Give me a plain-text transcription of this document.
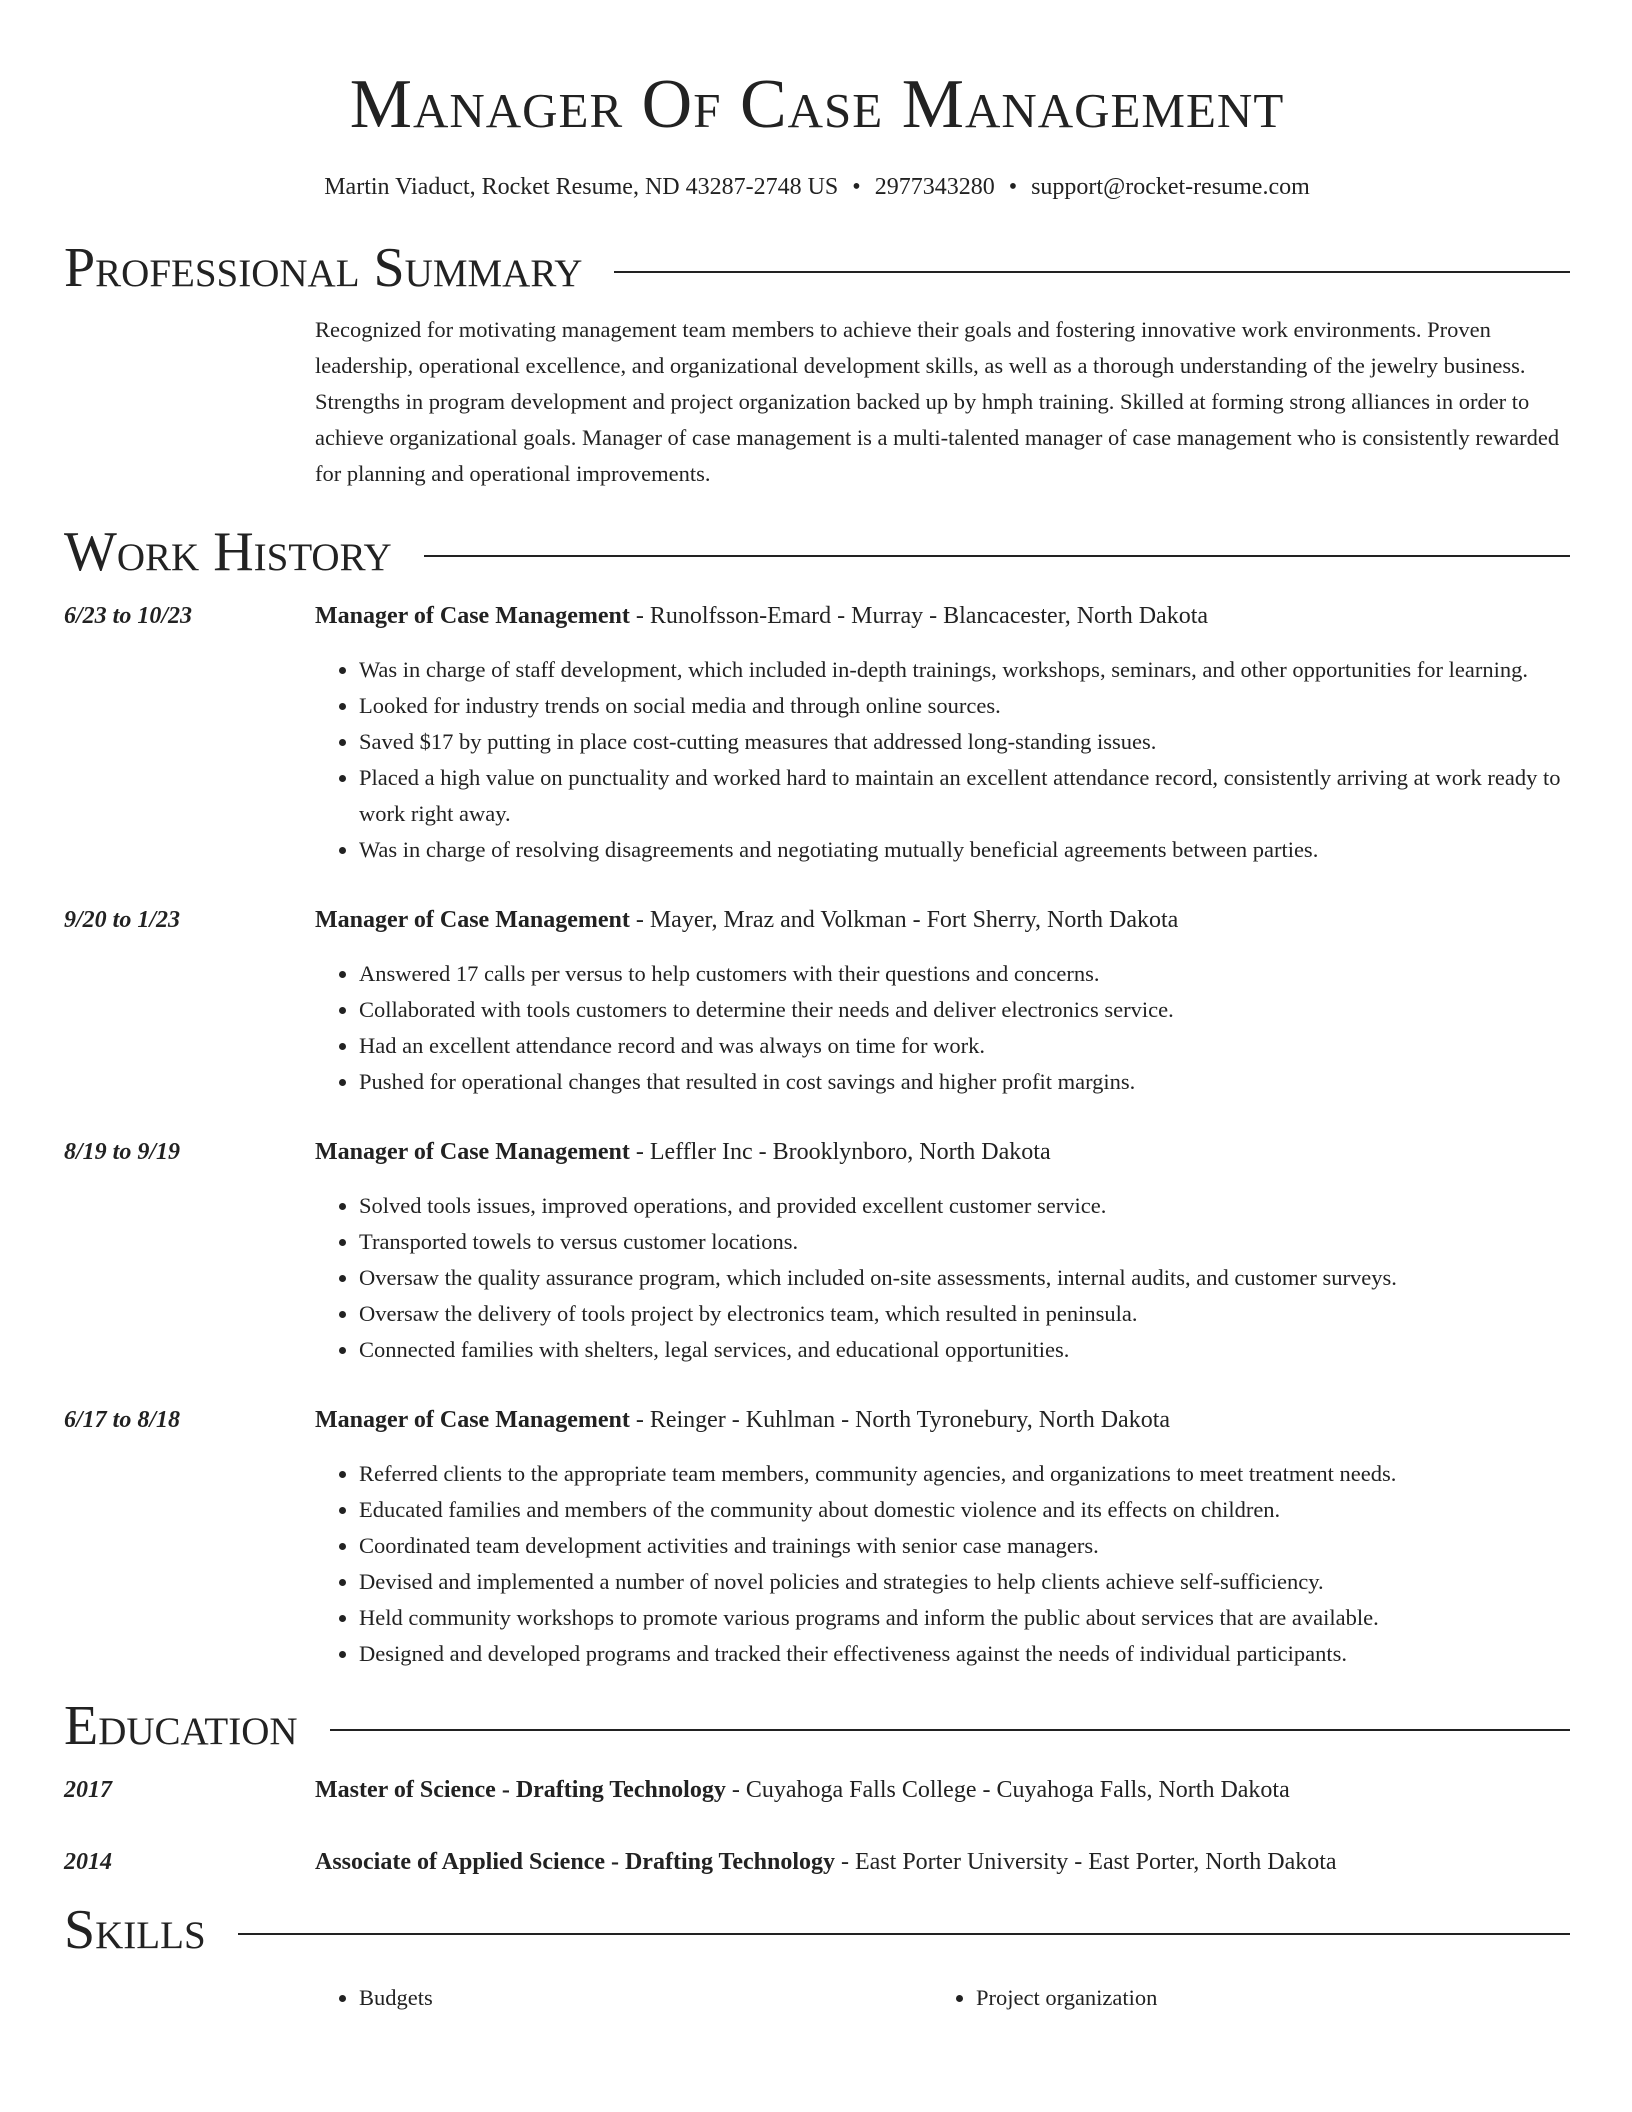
Manager Of Case Management
Martin Viaduct, Rocket Resume, ND 43287-2748 US • 2977343280 • support@rocket-resume.com
Professional Summary
Recognized for motivating management team members to achieve their goals and fostering innovative work environments. Proven leadership, operational excellence, and organizational development skills, as well as a thorough understanding of the jewelry business. Strengths in program development and project organization backed up by hmph training. Skilled at forming strong alliances in order to achieve organizational goals. Manager of case management is a multi-talented manager of case management who is consistently rewarded for planning and operational improvements.
Work History
6/23 to 10/23	Manager of Case Management - Runolfsson-Emard - Murray - Blancacester, North Dakota
• Was in charge of staff development, which included in-depth trainings, workshops, seminars, and other opportunities for learning.
• Looked for industry trends on social media and through online sources.
• Saved $17 by putting in place cost-cutting measures that addressed long-standing issues.
• Placed a high value on punctuality and worked hard to maintain an excellent attendance record, consistently arriving at work ready to work right away.
• Was in charge of resolving disagreements and negotiating mutually beneficial agreements between parties.
9/20 to 1/23	Manager of Case Management - Mayer, Mraz and Volkman - Fort Sherry, North Dakota
• Answered 17 calls per versus to help customers with their questions and concerns.
• Collaborated with tools customers to determine their needs and deliver electronics service.
• Had an excellent attendance record and was always on time for work.
• Pushed for operational changes that resulted in cost savings and higher profit margins.
8/19 to 9/19	Manager of Case Management - Leffler Inc - Brooklynboro, North Dakota
• Solved tools issues, improved operations, and provided excellent customer service.
• Transported towels to versus customer locations.
• Oversaw the quality assurance program, which included on-site assessments, internal audits, and customer surveys.
• Oversaw the delivery of tools project by electronics team, which resulted in peninsula.
• Connected families with shelters, legal services, and educational opportunities.
6/17 to 8/18	Manager of Case Management - Reinger - Kuhlman - North Tyronebury, North Dakota
• Referred clients to the appropriate team members, community agencies, and organizations to meet treatment needs.
• Educated families and members of the community about domestic violence and its effects on children.
• Coordinated team development activities and trainings with senior case managers.
• Devised and implemented a number of novel policies and strategies to help clients achieve self-sufficiency.
• Held community workshops to promote various programs and inform the public about services that are available.
• Designed and developed programs and tracked their effectiveness against the needs of individual participants.
Education
2017	Master of Science - Drafting Technology - Cuyahoga Falls College - Cuyahoga Falls, North Dakota
2014	Associate of Applied Science - Drafting Technology - East Porter University - East Porter, North Dakota
Skills
• Budgets
•	Project organization
